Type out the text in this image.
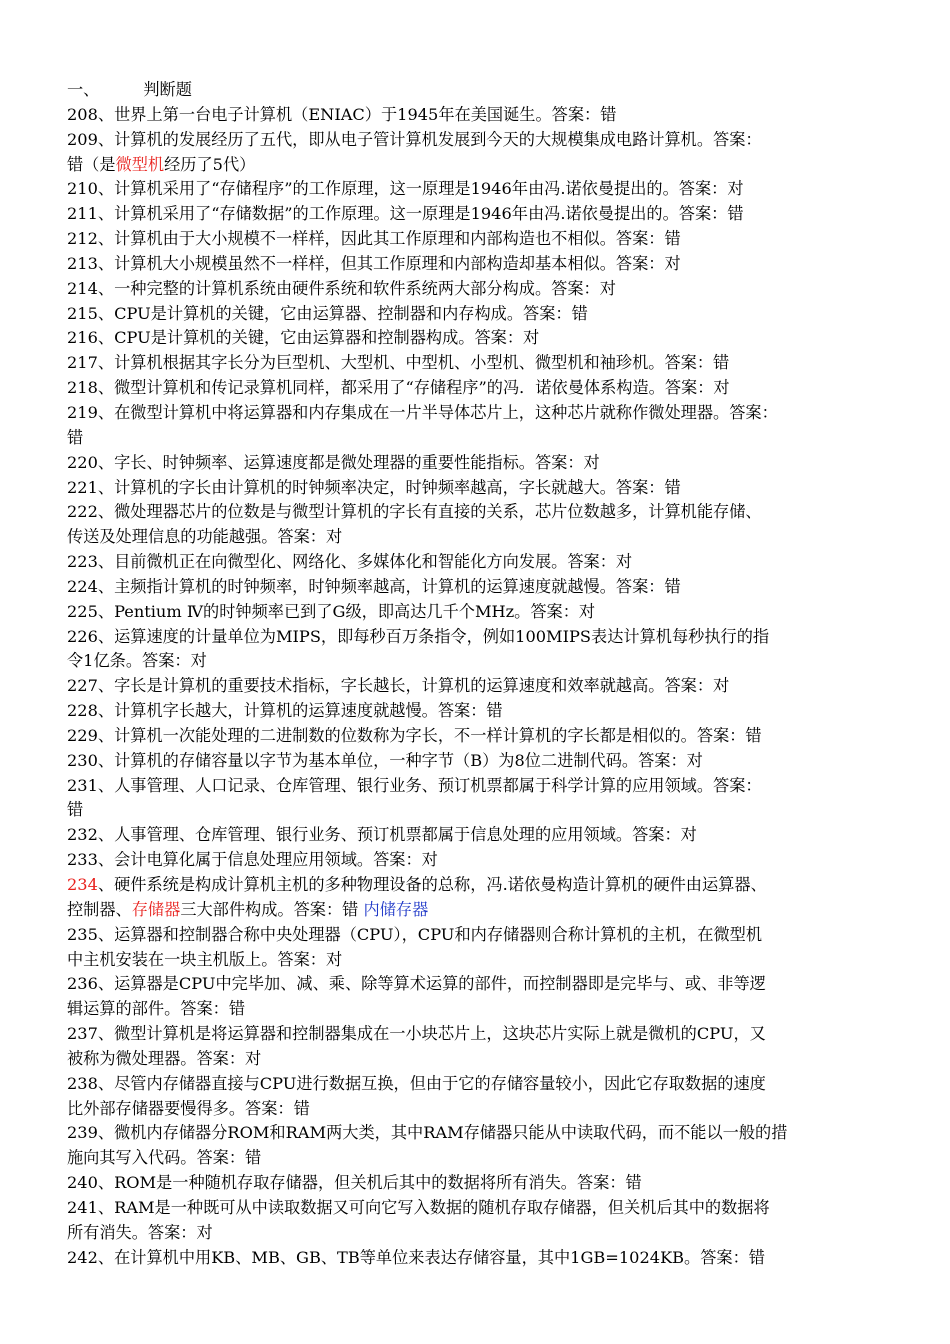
一、	判断题
208、世界上第一台电子计算机（ENIAC）于1945年在美国诞生。答案：错
209、计算机的发展经历了五代，即从电子管计算机发展到今天的大规模集成电路计算机。答案：
错（是微型机经历了5代）
210、计算机采用了“存储程序”的工作原理，这一原理是1946年由冯.诺依曼提出的。答案：对
211、计算机采用了“存储数据”的工作原理。这一原理是1946年由冯.诺依曼提出的。答案：错
212、计算机由于大小规模不一样样，因此其工作原理和内部构造也不相似。答案：错
213、计算机大小规模虽然不一样样，但其工作原理和内部构造却基本相似。答案：对
214、一种完整的计算机系统由硬件系统和软件系统两大部分构成。答案：对
215、CPU是计算机的关键，它由运算器、控制器和内存构成。答案：错
216、CPU是计算机的关键，它由运算器和控制器构成。答案：对
217、计算机根据其字长分为巨型机、大型机、中型机、小型机、微型机和袖珍机。答案：错
218、微型计算机和传记录算机同样，都采用了“存储程序”的冯．诺依曼体系构造。答案：对
219、在微型计算机中将运算器和内存集成在一片半导体芯片上，这种芯片就称作微处理器。答案：
错
220、字长、时钟频率、运算速度都是微处理器的重要性能指标。答案：对
221、计算机的字长由计算机的时钟频率决定，时钟频率越高，字长就越大。答案：错
222、微处理器芯片的位数是与微型计算机的字长有直接的关系，芯片位数越多，计算机能存储、
传送及处理信息的功能越强。答案：对
223、目前微机正在向微型化、网络化、多媒体化和智能化方向发展。答案：对
224、主频指计算机的时钟频率，时钟频率越高，计算机的运算速度就越慢。答案：错
225、Pentium Ⅳ的时钟频率已到了G级，即高达几千个MHz。答案：对
226、运算速度的计量单位为MIPS，即每秒百万条指令，例如100MIPS表达计算机每秒执行的指
令1亿条。答案：对
227、字长是计算机的重要技术指标，字长越长，计算机的运算速度和效率就越高。答案：对
228、计算机字长越大，计算机的运算速度就越慢。答案：错
229、计算机一次能处理的二进制数的位数称为字长，不一样计算机的字长都是相似的。答案：错
230、计算机的存储容量以字节为基本单位，一种字节（B）为8位二进制代码。答案：对
231、人事管理、人口记录、仓库管理、银行业务、预订机票都属于科学计算的应用领域。答案：
错
232、人事管理、仓库管理、银行业务、预订机票都属于信息处理的应用领域。答案：对
233、会计电算化属于信息处理应用领域。答案：对
234、硬件系统是构成计算机主机的多种物理设备的总称，冯.诺依曼构造计算机的硬件由运算器、
控制器、存储器三大部件构成。答案：错 内储存器
235、运算器和控制器合称中央处理器（CPU），CPU和内存储器则合称计算机的主机，在微型机
中主机安装在一块主机版上。答案：对
236、运算器是CPU中完毕加、减、乘、除等算术运算的部件，而控制器即是完毕与、或、非等逻
辑运算的部件。答案：错
237、微型计算机是将运算器和控制器集成在一小块芯片上，这块芯片实际上就是微机的CPU，又
被称为微处理器。答案：对
238、尽管内存储器直接与CPU进行数据互换，但由于它的存储容量较小，因此它存取数据的速度
比外部存储器要慢得多。答案：错
239、微机内存储器分ROM和RAM两大类，其中RAM存储器只能从中读取代码，而不能以一般的措
施向其写入代码。答案：错
240、ROM是一种随机存取存储器，但关机后其中的数据将所有消失。答案：错
241、RAM是一种既可从中读取数据又可向它写入数据的随机存取存储器，但关机后其中的数据将
所有消失。答案：对
242、在计算机中用KB、MB、GB、TB等单位来表达存储容量，其中1GB=1024KB。答案：错
